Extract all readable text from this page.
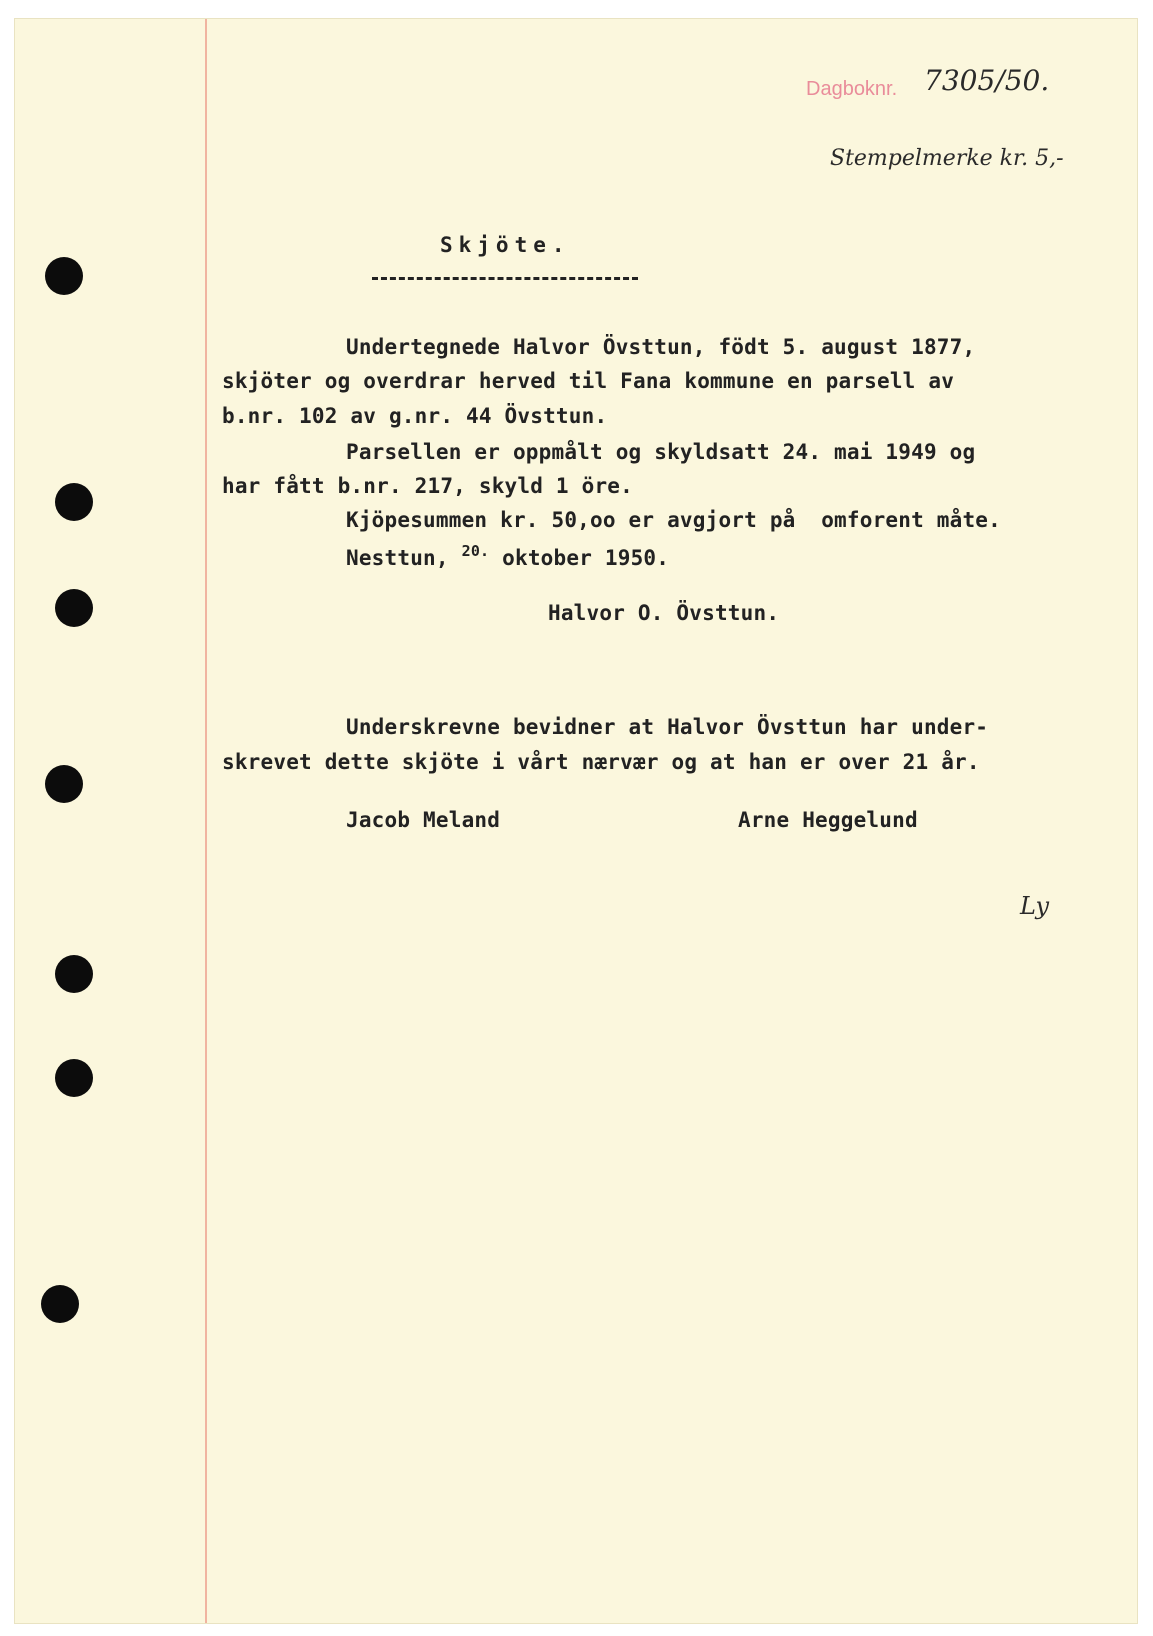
Dagboknr. 7305/50.
Stempelmerke kr. 5,-
Skjöte.
Undertegnede Halvor Övsttun, födt 5. august 1877,
skjöter og overdrar herved til Fana kommune en parsell av
b.nr. 102 av g.nr. 44 Övsttun.
Parsellen er oppmålt og skyldsatt 24. mai 1949 og
har fått b.nr. 217, skyld 1 öre.
Kjöpesummen kr. 50,oo er avgjort på  omforent måte.
Nesttun, $^{20.}$ oktober 1950.
Halvor O. Övsttun.
Underskrevne bevidner at Halvor Övsttun har under-
skrevet dette skjöte i vårt nærvær og at han er over 21 år.
Jacob Meland	Arne Heggelund
Ly
